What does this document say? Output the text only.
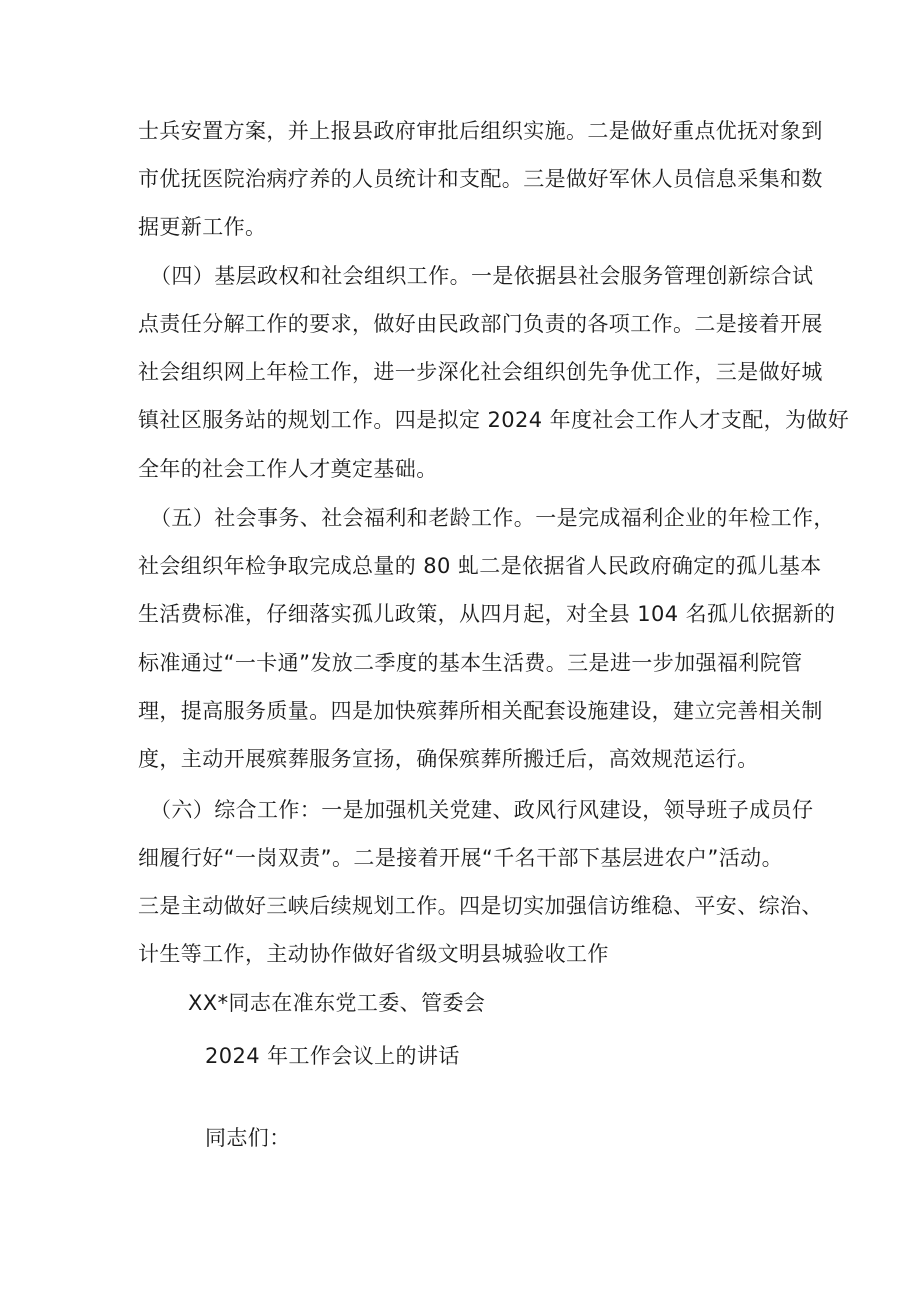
士兵安置方案，并上报县政府审批后组织实施。二是做好重点优抚对象到
市优抚医院治病疗养的人员统计和支配。三是做好军休人员信息采集和数
据更新工作。
（四）基层政权和社会组织工作。一是依据县社会服务管理创新综合试
点责任分解工作的要求，做好由民政部门负责的各项工作。二是接着开展
社会组织网上年检工作，进一步深化社会组织创先争优工作，三是做好城
镇社区服务站的规划工作。四是拟定 2024 年度社会工作人才支配，为做好
全年的社会工作人才奠定基础。
（五）社会事务、社会福利和老龄工作。一是完成福利企业的年检工作，
社会组织年检争取完成总量的 80 虬二是依据省人民政府确定的孤儿基本
生活费标准，仔细落实孤儿政策，从四月起，对全县 104 名孤儿依据新的
标准通过“一卡通”发放二季度的基本生活费。三是进一步加强福利院管
理，提高服务质量。四是加快殡葬所相关配套设施建设，建立完善相关制
度，主动开展殡葬服务宣扬，确保殡葬所搬迁后，高效规范运行。
（六）综合工作：一是加强机关党建、政风行风建设，领导班子成员仔
细履行好“一岗双责”。二是接着开展“千名干部下基层进农户”活动。
三是主动做好三峡后续规划工作。四是切实加强信访维稳、平安、综治、
计生等工作，主动协作做好省级文明县城验收工作
XX*同志在准东党工委、管委会
2024 年工作会议上的讲话
同志们：
